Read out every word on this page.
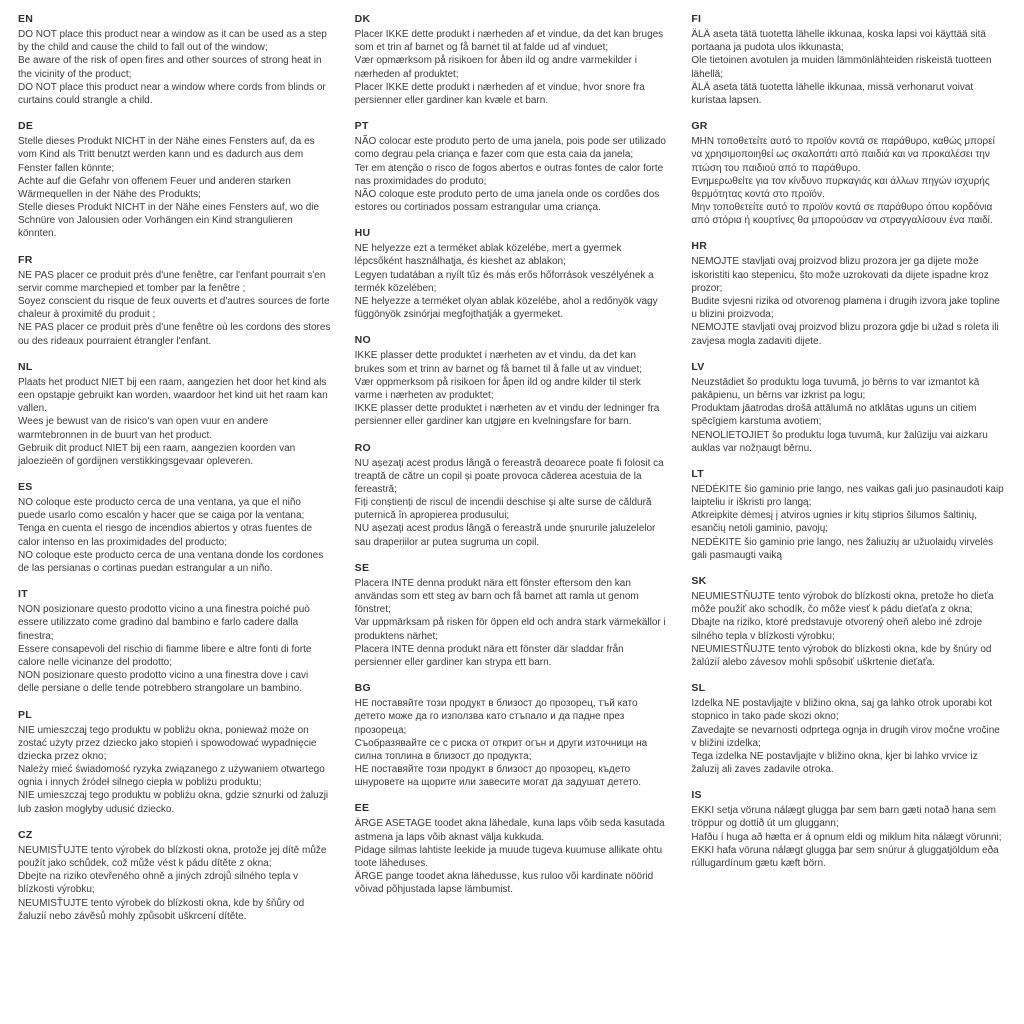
EN

DO NOT place this product near a window as it can be used as a step by the child and cause the child to fall out of the window;

Be aware of the risk of open fires and other sources of strong heat in the vicinity of the product;

DO NOT place this product near a window where cords from blinds or curtains could strangle a child.

DE

Stelle dieses Produkt NICHT in der Nähe eines Fensters auf, da es vom Kind als Tritt benutzt werden kann und es dadurch aus dem Fenster fallen könnte;

Achte auf die Gefahr von offenem Feuer und anderen starken Wärmequellen in der Nähe des Produkts;

Stelle dieses Produkt NICHT in der Nähe eines Fensters auf, wo die Schnüre von Jalousien oder Vorhängen ein Kind strangulieren könnten.

FR

NE PAS placer ce produit près d'une fenêtre, car l'enfant pourrait s'en servir comme marchepied et tomber par la fenêtre ;

Soyez conscient du risque de feux ouverts et d'autres sources de forte chaleur à proximité du produit ;

NE PAS placer ce produit près d'une fenêtre où les cordons des stores ou des rideaux pourraient étrangler l'enfant.

NL

Plaats het product NIET bij een raam, aangezien het door het kind als een opstapje gebruikt kan worden, waardoor het kind uit het raam kan vallen.

Wees je bewust van de risico's van open vuur en andere warmtebronnen in de buurt van het product.

Gebruik dit product NIET bij een raam, aangezien koorden van jaloezieën of gordijnen verstikkingsgevaar opleveren.

ES

NO coloque este producto cerca de una ventana, ya que el niño puede usarlo como escalón y hacer que se caiga por la ventana;

Tenga en cuenta el riesgo de incendios abiertos y otras fuentes de calor intenso en las proximidades del producto;

NO coloque este producto cerca de una ventana donde los cordones de las persianas o cortinas puedan estrangular a un niño.

IT

NON posizionare questo prodotto vicino a una finestra poiché può essere utilizzato come gradino dal bambino e farlo cadere dalla finestra;

Essere consapevoli del rischio di fiamme libere e altre fonti di forte calore nelle vicinanze del prodotto;

NON posizionare questo prodotto vicino a una finestra dove i cavi delle persiane o delle tende potrebbero strangolare un bambino.

PL

NIE umieszczaj tego produktu w pobliżu okna, ponieważ może on zostać użyty przez dziecko jako stopień i spowodować wypadnięcie dziecka przez okno;

Należy mieć świadomość ryzyka związanego z używaniem otwartego ognia i innych źródeł silnego ciepła w pobliżu produktu;

NIE umieszczaj tego produktu w pobliżu okna, gdzie sznurki od żaluzji lub zasłon mogłyby udusić dziecko.

CZ

NEUMISŤUJTE tento výrobek do blízkosti okna, protože jej dítě může použít jako schůdek, což může vést k pádu dítěte z okna;

Dbejte na riziko otevřeného ohně a jiných zdrojů silného tepla v blízkosti výrobku;

NEUMISŤUJTE tento výrobek do blízkosti okna, kde by šňůry od žaluzií nebo závěsů mohly způsobit uškrcení dítěte.

DK

Placer IKKE dette produkt i nærheden af et vindue, da det kan bruges som et trin af barnet og få barnet til at falde ud af vinduet;

Vær opmærksom på risikoen for åben ild og andre varmekilder i nærheden af produktet;

Placer IKKE dette produkt i nærheden af et vindue, hvor snore fra persienner eller gardiner kan kvæle et barn.

PT

NÃO colocar este produto perto de uma janela, pois pode ser utilizado como degrau pela criança e fazer com que esta caia da janela;

Ter em atenção o risco de fogos abertos e outras fontes de calor forte nas proximidades do produto;

NÃO coloque este produto perto de uma janela onde os cordões dos estores ou cortinados possam estrangular uma criança.

HU

NE helyezze ezt a terméket ablak közelébe, mert a gyermek lépcsőként használhatja, és kieshet az ablakon;

Legyen tudatában a nyílt tűz és más erős hőforrások veszélyének a termék közelében;

NE helyezze a terméket olyan ablak közelébe, ahol a redőnyök vagy függönyök zsinórjai megfojthatják a gyermeket.

NO

IKKE plasser dette produktet i nærheten av et vindu, da det kan brukes som et trinn av barnet og få barnet til å falle ut av vinduet;

Vær oppmerksom på risikoen for åpen ild og andre kilder til sterk varme i nærheten av produktet;

IKKE plasser dette produktet i nærheten av et vindu der ledninger fra persienner eller gardiner kan utgjøre en kvelningsfare for barn.

RO

NU așezați acest produs lângă o fereastră deoarece poate fi folosit ca treaptă de către un copil și poate provoca căderea acestuia de la fereastră;

Fiți conștienți de riscul de incendii deschise și alte surse de căldură puternică în apropierea produsului;

NU așezați acest produs lângă o fereastră unde șnururile jaluzelelor sau draperiilor ar putea sugruma un copil.

SE

Placera INTE denna produkt nära ett fönster eftersom den kan användas som ett steg av barn och få barnet att ramla ut genom fönstret;

Var uppmärksam på risken för öppen eld och andra stark värmekällor i produktens närhet;

Placera INTE denna produkt nära ett fönster där sladdar från persienner eller gardiner kan strypa ett barn.

BG

НЕ поставяйте този продукт в близост до прозорец, тъй като детето може да го използва като стъпало и да падне през прозореца;

Съобразявайте се с риска от открит огън и други източници на силна топлина в близост до продукта;

НЕ поставяйте този продукт в близост до прозорец, където шнуровете на щорите или завесите могат да задушат детето.

EE

ÄRGE ASETAGE toodet akna lähedale, kuna laps võib seda kasutada astmena ja laps võib aknast välja kukkuda.

Pidage silmas lahtiste leekide ja muude tugeva kuumuse allikate ohtu toote läheduses.

ÄRGE pange toodet akna lähedusse, kus ruloo või kardinate nöörid võivad põhjustada lapse lämbumist.

FI

ÄLÄ aseta tätä tuotetta lähelle ikkunaa, koska lapsi voi käyttää sitä portaana ja pudota ulos ikkunasta;

Ole tietoinen avotulen ja muiden lämmönlähteiden riskeistä tuotteen lähellä;

ÄLÄ aseta tätä tuotetta lähelle ikkunaa, missä verhonarut voivat kuristaa lapsen.

GR

ΜΗΝ τοποθετείτε αυτό το προϊόν κοντά σε παράθυρο, καθώς μπορεί να χρησιμοποιηθεί ως σκαλοπάτι από παιδιά και να προκαλέσει την πτώση του παιδιού από το παράθυρο.

Ενημερωθείτε για τον κίνδυνο πυρκαγιάς και άλλων πηγών ισχυρής θερμότητας κοντά στο προϊόν.

Μην τοποθετείτε αυτό το προϊόν κοντά σε παράθυρο όπου κορδόνια από στόρια ή κουρτίνες θα μπορούσαν να στραγγαλίσουν ένα παιδί.

HR

NEMOJTE stavljati ovaj proizvod blizu prozora jer ga dijete može iskoristiti kao stepenicu, što može uzrokovati da dijete ispadne kroz prozor;

Budite svjesni rizika od otvorenog plamena i drugih izvora jake topline u blizini proizvoda;

NEMOJTE stavljati ovaj proizvod blizu prozora gdje bi užad s roleta ili zavjesa mogla zadaviti dijete.

LV

Neuzstādiet šo produktu loga tuvumā, jo bērns to var izmantot kā pakāpienu, un bērns var izkrist pa logu;

Produktam jāatrodas drošā attālumā no atklātas uguns un citiem spēcīgiem karstuma avotiem;

NENOLIETOJIET šo produktu loga tuvumā, kur žalūziju vai aizkaru auklas var nožņaugt bērnu.

LT

NEDĖKITE šio gaminio prie lango, nes vaikas gali juo pasinaudoti kaip laipteliu ir iškristi pro langą;

Atkreipkite dėmesį į atviros ugnies ir kitų stiprios šilumos šaltinių, esančių netoli gaminio, pavojų;

NEDĖKITE šio gaminio prie lango, nes žaliuzių ar užuolaidų virvelės gali pasmaugti vaiką

SK

NEUMIESTŇUJTE tento výrobok do blízkosti okna, pretože ho dieťa môže použiť ako schodík, čo môže viesť k pádu dieťaťa z okna;

Dbajte na riziko, ktoré predstavuje otvorený oheň alebo iné zdroje silného tepla v blízkosti výrobku;

NEUMIESTŇUJTE tento výrobok do blízkosti okna, kde by šnúry od žalúzií alebo závesov mohli spôsobiť uškrtenie dieťaťa.

SL

Izdelka NE postavljajte v bližino okna, saj ga lahko otrok uporabi kot stopnico in tako pade skozi okno;

Zavedajte se nevarnosti odprtega ognja in drugih virov močne vročine v bližini izdelka;

Tega izdelka NE postavljajte v bližino okna, kjer bi lahko vrvice iz žaluzij ali zaves zadavile otroka.

IS

EKKI setja vöruna nálægt glugga þar sem barn gæti notað hana sem tröppur og dottið út um gluggann;

Hafðu í huga að hætta er á opnum eldi og miklum hita nálægt vörunni;

EKKI hafa vöruna nálægt glugga þar sem snúrur á gluggatjöldum eða rúllugardínum gætu kæft börn.
